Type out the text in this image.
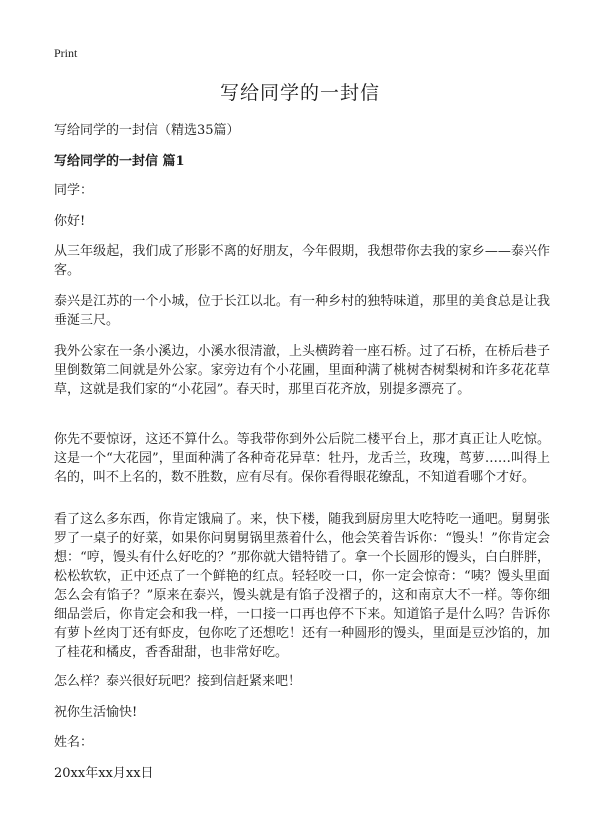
Print
写给同学的一封信
写给同学的一封信（精选35篇）
写给同学的一封信 篇1

同学：

你好!

从三年级起，我们成了形影不离的好朋友，今年假期，我想带你去我的家乡——泰兴作客。

泰兴是江苏的一个小城，位于长江以北。有一种乡村的独特味道，那里的美食总是让我垂涎三尺。

我外公家在一条小溪边，小溪水很清澈，上头横跨着一座石桥。过了石桥，在桥后巷子里倒数第二间就是外公家。家旁边有个小花圃，里面种满了桃树杏树梨树和许多花花草草，这就是我们家的“小花园”。春天时，那里百花齐放，别提多漂亮了。

你先不要惊讶，这还不算什么。等我带你到外公后院二楼平台上，那才真正让人吃惊。这是一个“大花园”，里面种满了各种奇花异草：牡丹，龙舌兰，玫瑰，茑萝……叫得上名的，叫不上名的，数不胜数，应有尽有。保你看得眼花缭乱，不知道看哪个才好。

看了这么多东西，你肯定饿扁了。来，快下楼，随我到厨房里大吃特吃一通吧。舅舅张罗了一桌子的好菜，如果你问舅舅锅里蒸着什么，他会笑着告诉你：“馒头！”你肯定会想：“哼，馒头有什么好吃的？”那你就大错特错了。拿一个长圆形的馒头，白白胖胖，松松软软，正中还点了一个鲜艳的红点。轻轻咬一口，你一定会惊奇：“咦？馒头里面怎么会有馅子？”原来在泰兴，馒头就是有馅子没褶子的，这和南京大不一样。等你细细品尝后，你肯定会和我一样，一口接一口再也停不下来。知道馅子是什么吗？告诉你有萝卜丝肉丁还有虾皮，包你吃了还想吃！还有一种圆形的馒头，里面是豆沙馅的，加了桂花和橘皮，香香甜甜，也非常好吃。

怎么样？泰兴很好玩吧？接到信赶紧来吧！

祝你生活愉快!

姓名：

20xx年xx月xx日
